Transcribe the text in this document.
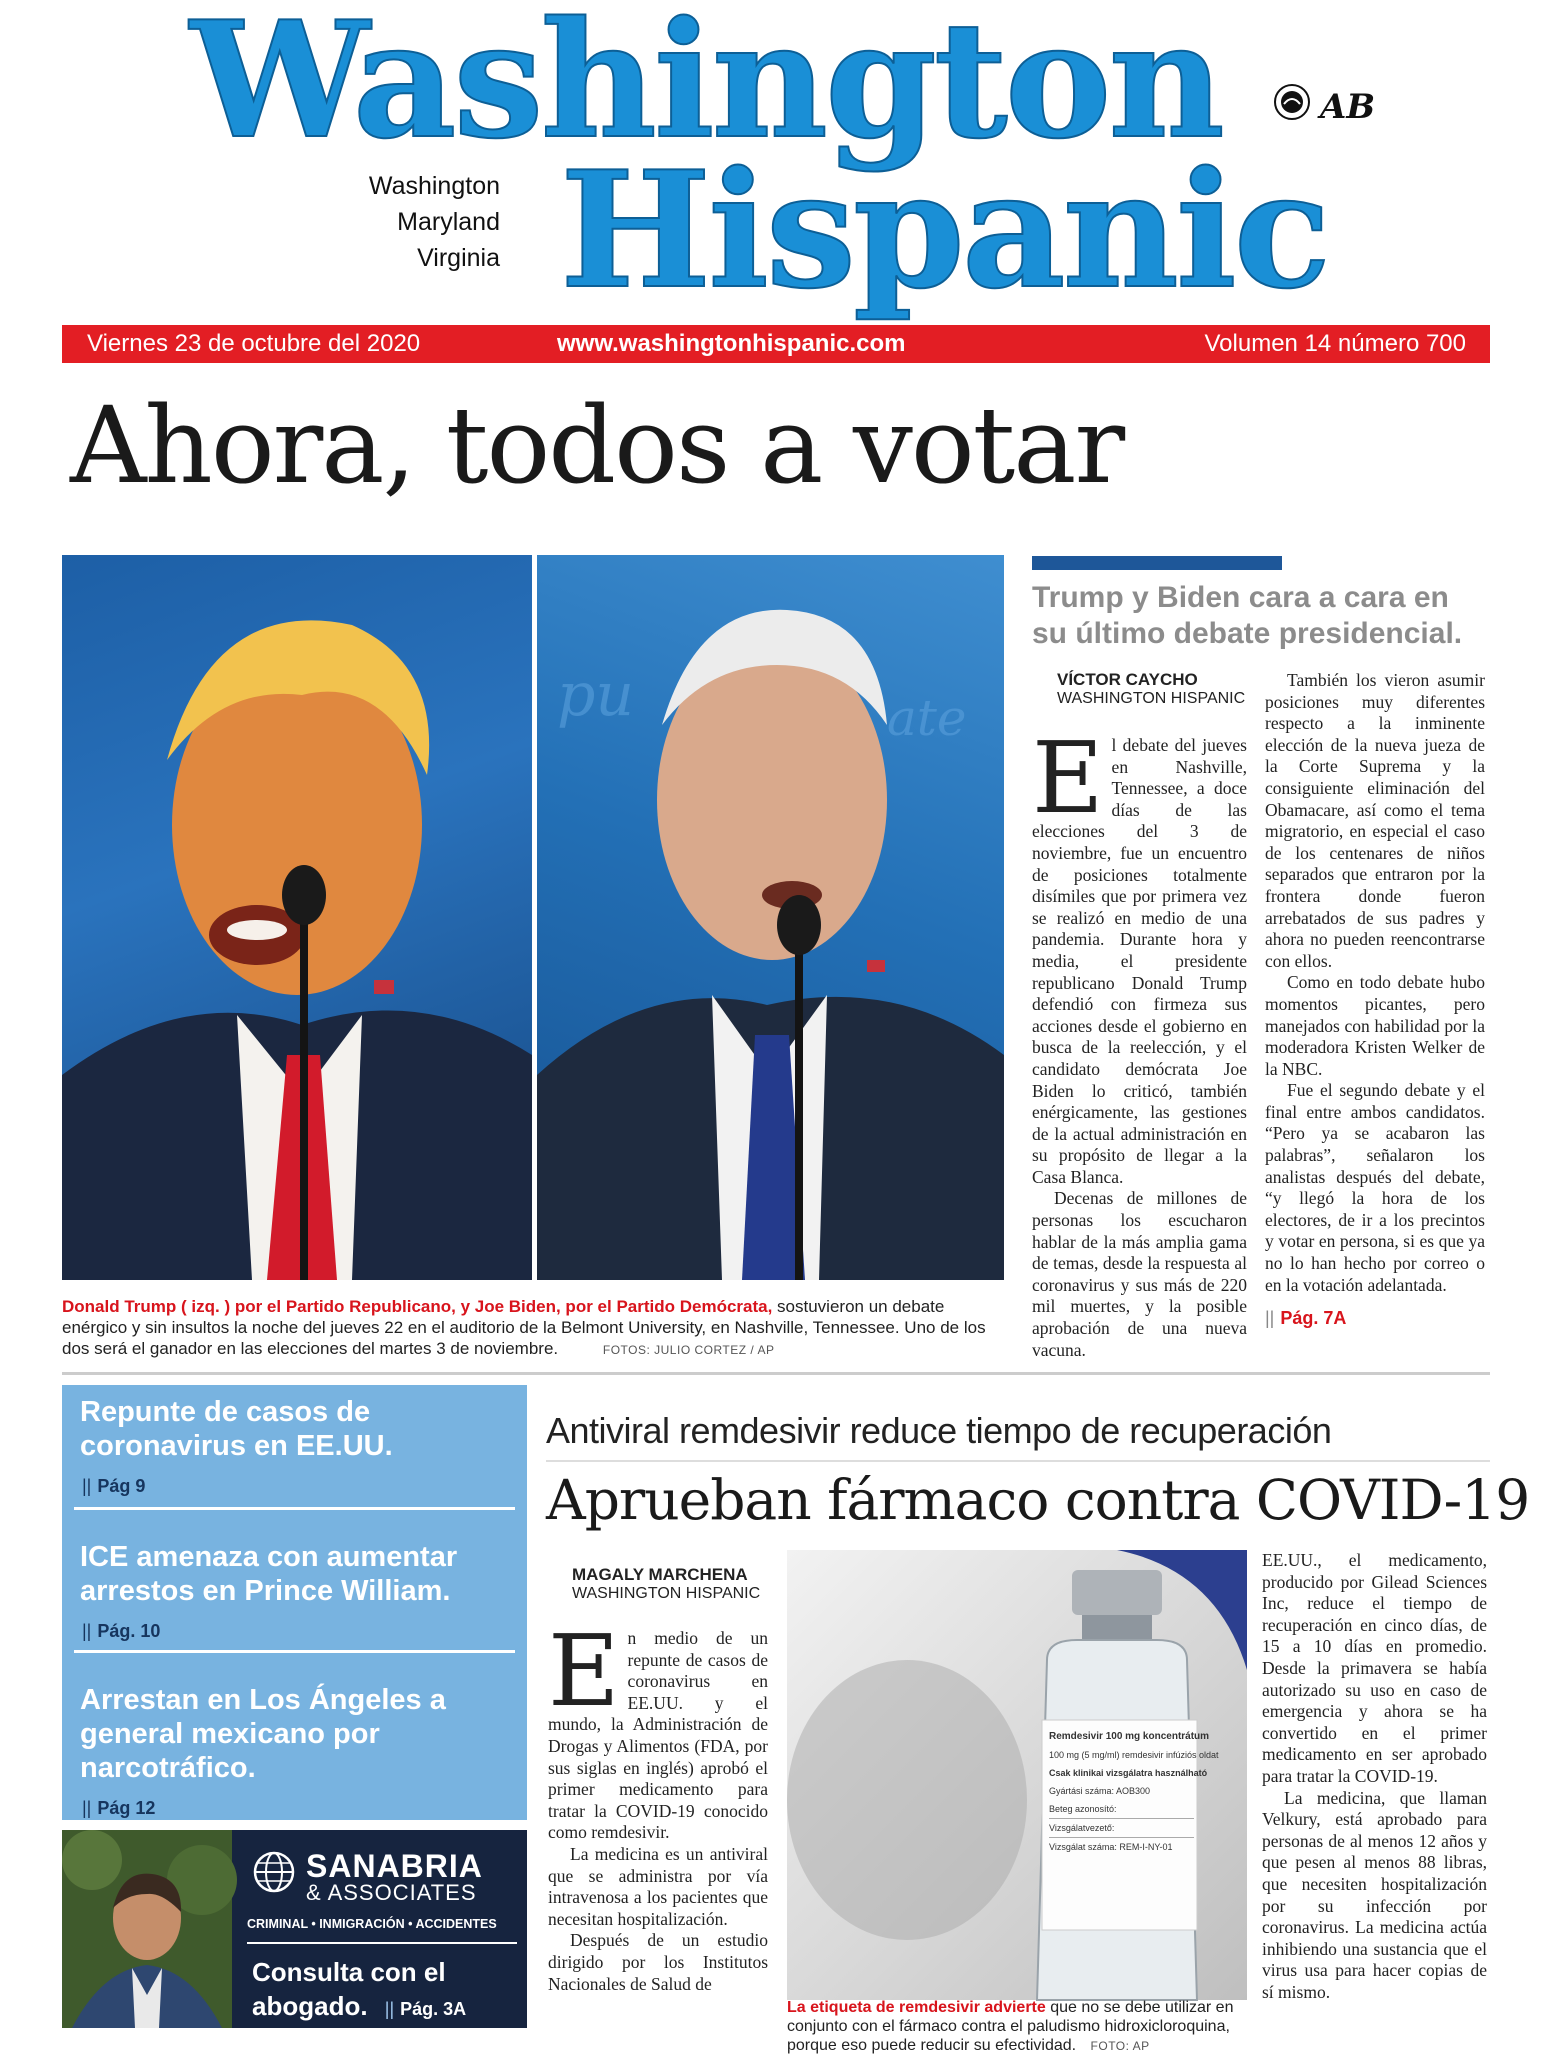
Washington
Hispanic
Washington
Maryland
Virginia
AB
Viernes 23 de octubre del 2020	www.washingtonhispanic.com	Volumen 14 número 700
Ahora, todos a votar
pu	ate
Donald Trump ( izq. ) por el Partido Republicano, y Joe Biden, por el Partido Demócrata, sostuvieron un debate enérgico y sin insultos la noche del jueves 22 en el auditorio de la Belmont University, en Nashville, Tennessee. Uno de los dos será el ganador en las elecciones del martes 3 de noviembre.	FOTOS: JULIO CORTEZ / AP
Trump y Biden cara a cara en su último debate presidencial.
VÍCTOR CAYCHO
WASHINGTON HISPANIC
E l debate del jueves en Nashville, Tennessee, a doce días de las elecciones del 3 de noviembre, fue un encuentro de posiciones totalmente disímiles que por primera vez se realizó en medio de una pandemia. Durante hora y media, el presidente republicano Donald Trump defendió con firmeza sus acciones desde el gobierno en busca de la reelección, y el candidato demócrata Joe Biden lo criticó, también enérgicamente, las gestiones de la actual administración en su propósito de llegar a la Casa Blanca.

Decenas de millones de personas los escucharon hablar de la más amplia gama de temas, desde la respuesta al coronavirus y sus más de 220 mil muertes, y la posible aprobación de una nueva vacuna.

También los vieron asumir posiciones muy diferentes respecto a la inminente elección de la nueva jueza de la Corte Suprema y la consiguiente eliminación del Obamacare, así como el tema migratorio, en especial el caso de los centenares de niños separados que entraron por la frontera donde fueron arrebatados de sus padres y ahora no pueden reencontrarse con ellos.

Como en todo debate hubo momentos picantes, pero manejados con habilidad por la moderadora Kristen Welker de la NBC.

Fue el segundo debate y el final entre ambos candidatos. “Pero ya se acabaron las palabras”, señalaron los analistas después del debate, “y llegó la hora de los electores, de ir a los precintos y votar en persona, si es que ya no lo han hecho por correo o en la votación adelantada.

|| Pág. 7A
Repunte de casos de coronavirus en EE.UU.
|| Pág 9
ICE amenaza con aumentar arrestos en Prince William.
|| Pág. 10
Arrestan en Los Ángeles a general mexicano por narcotráfico.
|| Pág 12
SANABRIA
& ASSOCIATES
CRIMINAL • INMIGRACIÓN • ACCIDENTES
Consulta con el abogado. || Pág. 3A
Antiviral remdesivir reduce tiempo de recuperación
Aprueban fármaco contra COVID-19
MAGALY MARCHENA
WASHINGTON HISPANIC
E n medio de un repunte de casos de coronavirus en EE.UU. y el mundo, la Administración de Drogas y Alimentos (FDA, por sus siglas en inglés) aprobó el primer medicamento para tratar la COVID-19 conocido como remdesivir.

La medicina es un antiviral que se administra por vía intravenosa a los pacientes que necesitan hospitalización.

Después de un estudio dirigido por los Institutos Nacionales de Salud de

Remdesivir 100 mg koncentrátum
100 mg (5 mg/ml) remdesivir infúziós oldat
Csak klinikai vizsgálatra használható
Gyártási száma: AOB300
Beteg azonosító:
Vizsgálatvezető:
Vizsgálat száma: REM-I-NY-01
La etiqueta de remdesivir advierte que no se debe utilizar en conjunto con el fármaco contra el paludismo hidroxicloroquina, porque eso puede reducir su efectividad. FOTO: AP

EE.UU., el medicamento, producido por Gilead Sciences Inc, reduce el tiempo de recuperación en cinco días, de 15 a 10 días en promedio. Desde la primavera se había autorizado su uso en caso de emergencia y ahora se ha convertido en el primer medicamento en ser aprobado para tratar la COVID-19.

La medicina, que llaman Velkury, está aprobado para personas de al menos 12 años y que pesen al menos 88 libras, que necesiten hospitalización por su infección por coronavirus. La medicina actúa inhibiendo una sustancia que el virus usa para hacer copias de sí mismo.
